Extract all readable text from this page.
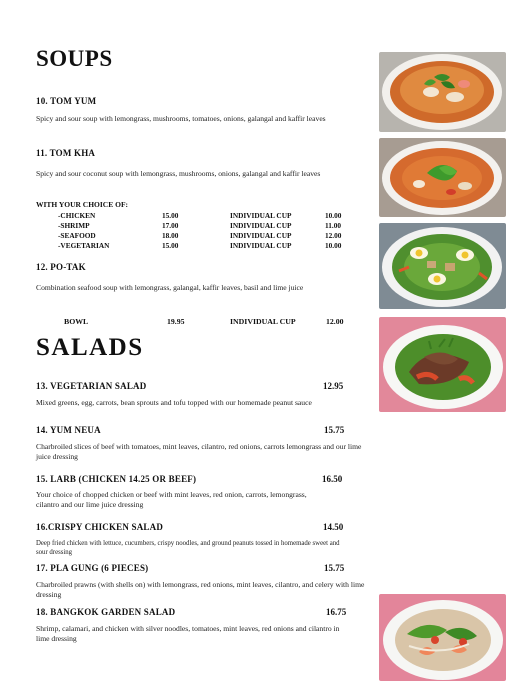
SOUPS
10. TOM YUM
Spicy and sour soup with lemongrass, mushrooms, tomatoes, onions, galangal and kaffir leaves
11. TOM KHA
Spicy and sour coconut soup with lemongrass, mushrooms, onions, galangal and kaffir leaves
WITH YOUR CHOICE OF:
-CHICKEN	15.00	INDIVIDUAL CUP	10.00
-SHRIMP	17.00	INDIVIDUAL CUP	11.00
-SEAFOOD	18.00	INDIVIDUAL CUP	12.00
-VEGETARIAN	15.00	INDIVIDUAL CUP	10.00
12. PO-TAK
Combination seafood soup with lemongrass, galangal, kaffir leaves, basil and lime juice
BOWL	19.95	INDIVIDUAL CUP	12.00
SALADS
13. VEGETARIAN SALAD	12.95
Mixed greens, egg, carrots, bean sprouts and tofu topped with our homemade peanut sauce
14. YUM NEUA	15.75
Charbroiled slices of beef with tomatoes, mint leaves, cilantro, red onions, carrots lemongrass and our lime juice dressing
15. LARB (CHICKEN 14.25 OR BEEF)	16.50
Your choice of chopped chicken or beef with mint leaves, red onion, carrots, lemongrass, cilantro and our lime juice dressing
16.CRISPY CHICKEN SALAD	14.50
Deep fried chicken with lettuce, cucumbers, crispy noodles, and ground peanuts tossed in homemade sweet and sour dressing
17. PLA GUNG (6 PIECES)	15.75
Charbroiled prawns (with shells on) with lemongrass, red onions, mint leaves, cilantro, and celery with lime dressing
18. BANGKOK GARDEN SALAD	16.75
Shrimp, calamari, and chicken with silver noodles, tomatoes, mint leaves, red onions and cilantro in lime dressing
